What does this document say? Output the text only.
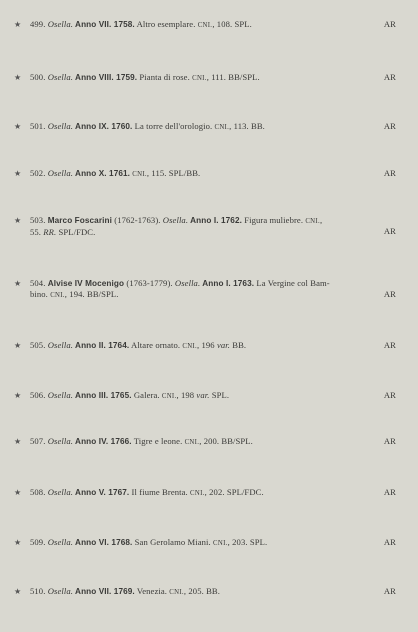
★ 499. Osella. Anno VII. 1758. Altro esemplare. CNI., 108. SPL.	AR
★ 500. Osella. Anno VIII. 1759. Pianta di rose. CNI., 111. BB/SPL.	AR
★ 501. Osella. Anno IX. 1760. La torre dell'orologio. CNI., 113. BB.	AR
★ 502. Osella. Anno X. 1761. CNI., 115. SPL/BB.	AR
★ 503. Marco Foscarini (1762-1763). Osella. Anno I. 1762. Figura muliebre. CNI.,
55. RR. SPL/FDC.	AR
★ 504. Alvise IV Mocenigo (1763-1779). Osella. Anno I. 1763. La Vergine col Bam-
bino. CNI., 194. BB/SPL.	AR
★ 505. Osella. Anno II. 1764. Altare ornato. CNI., 196 var. BB.	AR
★ 506. Osella. Anno III. 1765. Galera. CNI., 198 var. SPL.	AR
★ 507. Osella. Anno IV. 1766. Tigre e leone. CNI., 200. BB/SPL.	AR
★ 508. Osella. Anno V. 1767. Il fiume Brenta. CNI., 202. SPL/FDC.	AR
★ 509. Osella. Anno VI. 1768. San Gerolamo Miani. CNI., 203. SPL.	AR
★ 510. Osella. Anno VII. 1769. Venezia. CNI., 205. BB.	AR
